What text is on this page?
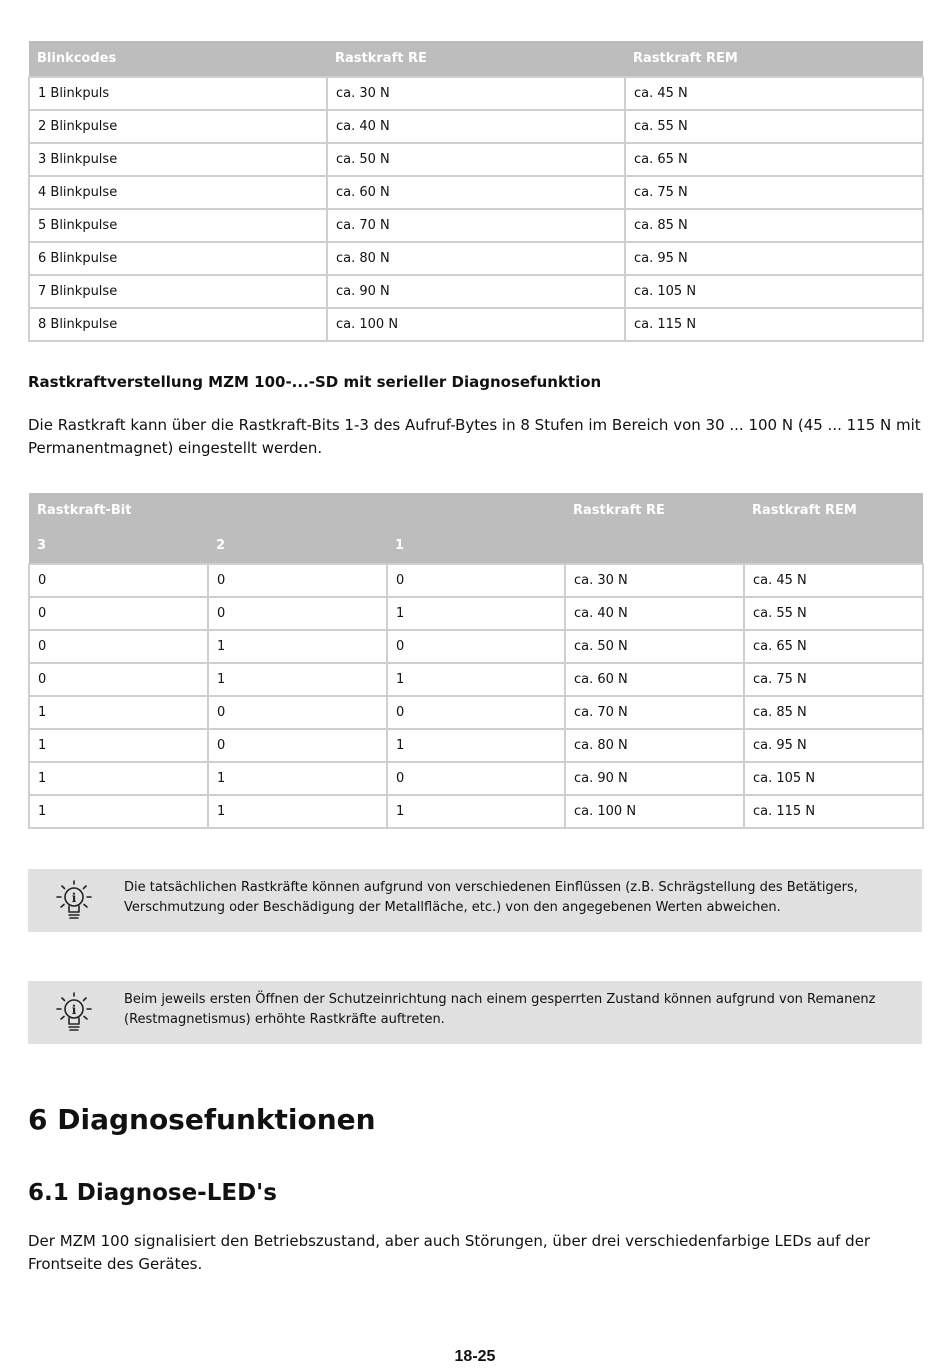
Blinkcodes	Rastkraft RE	Rastkraft REM
1 Blinkpuls	ca. 30 N	ca. 45 N
2 Blinkpulse	ca. 40 N	ca. 55 N
3 Blinkpulse	ca. 50 N	ca. 65 N
4 Blinkpulse	ca. 60 N	ca. 75 N
5 Blinkpulse	ca. 70 N	ca. 85 N
6 Blinkpulse	ca. 80 N	ca. 95 N
7 Blinkpulse	ca. 90 N	ca. 105 N
8 Blinkpulse	ca. 100 N	ca. 115 N
Rastkraftverstellung MZM 100-...-SD mit serieller Diagnosefunktion
Die Rastkraft kann über die Rastkraft-Bits 1-3 des Aufruf-Bytes in 8 Stufen im Bereich von 30 ... 100 N (45 ... 115 N mit Permanentmagnet) eingestellt werden.
Rastkraft-Bit			Rastkraft RE	Rastkraft REM
3	2	1		
0	0	0	ca. 30 N	ca. 45 N
0	0	1	ca. 40 N	ca. 55 N
0	1	0	ca. 50 N	ca. 65 N
0	1	1	ca. 60 N	ca. 75 N
1	0	0	ca. 70 N	ca. 85 N
1	0	1	ca. 80 N	ca. 95 N
1	1	0	ca. 90 N	ca. 105 N
1	1	1	ca. 100 N	ca. 115 N
i
Die tatsächlichen Rastkräfte können aufgrund von verschiedenen Einflüssen (z.B. Schrägstellung des Betätigers, Verschmutzung oder Beschädigung der Metallfläche, etc.) von den angegebenen Werten abweichen.
i
Beim jeweils ersten Öffnen der Schutzeinrichtung nach einem gesperrten Zustand können aufgrund von Remanenz (Restmagnetismus) erhöhte Rastkräfte auftreten.
6 Diagnosefunktionen
6.1 Diagnose-LED's
Der MZM 100 signalisiert den Betriebszustand, aber auch Störungen, über drei verschiedenfarbige LEDs auf der Frontseite des Gerätes.
18-25
